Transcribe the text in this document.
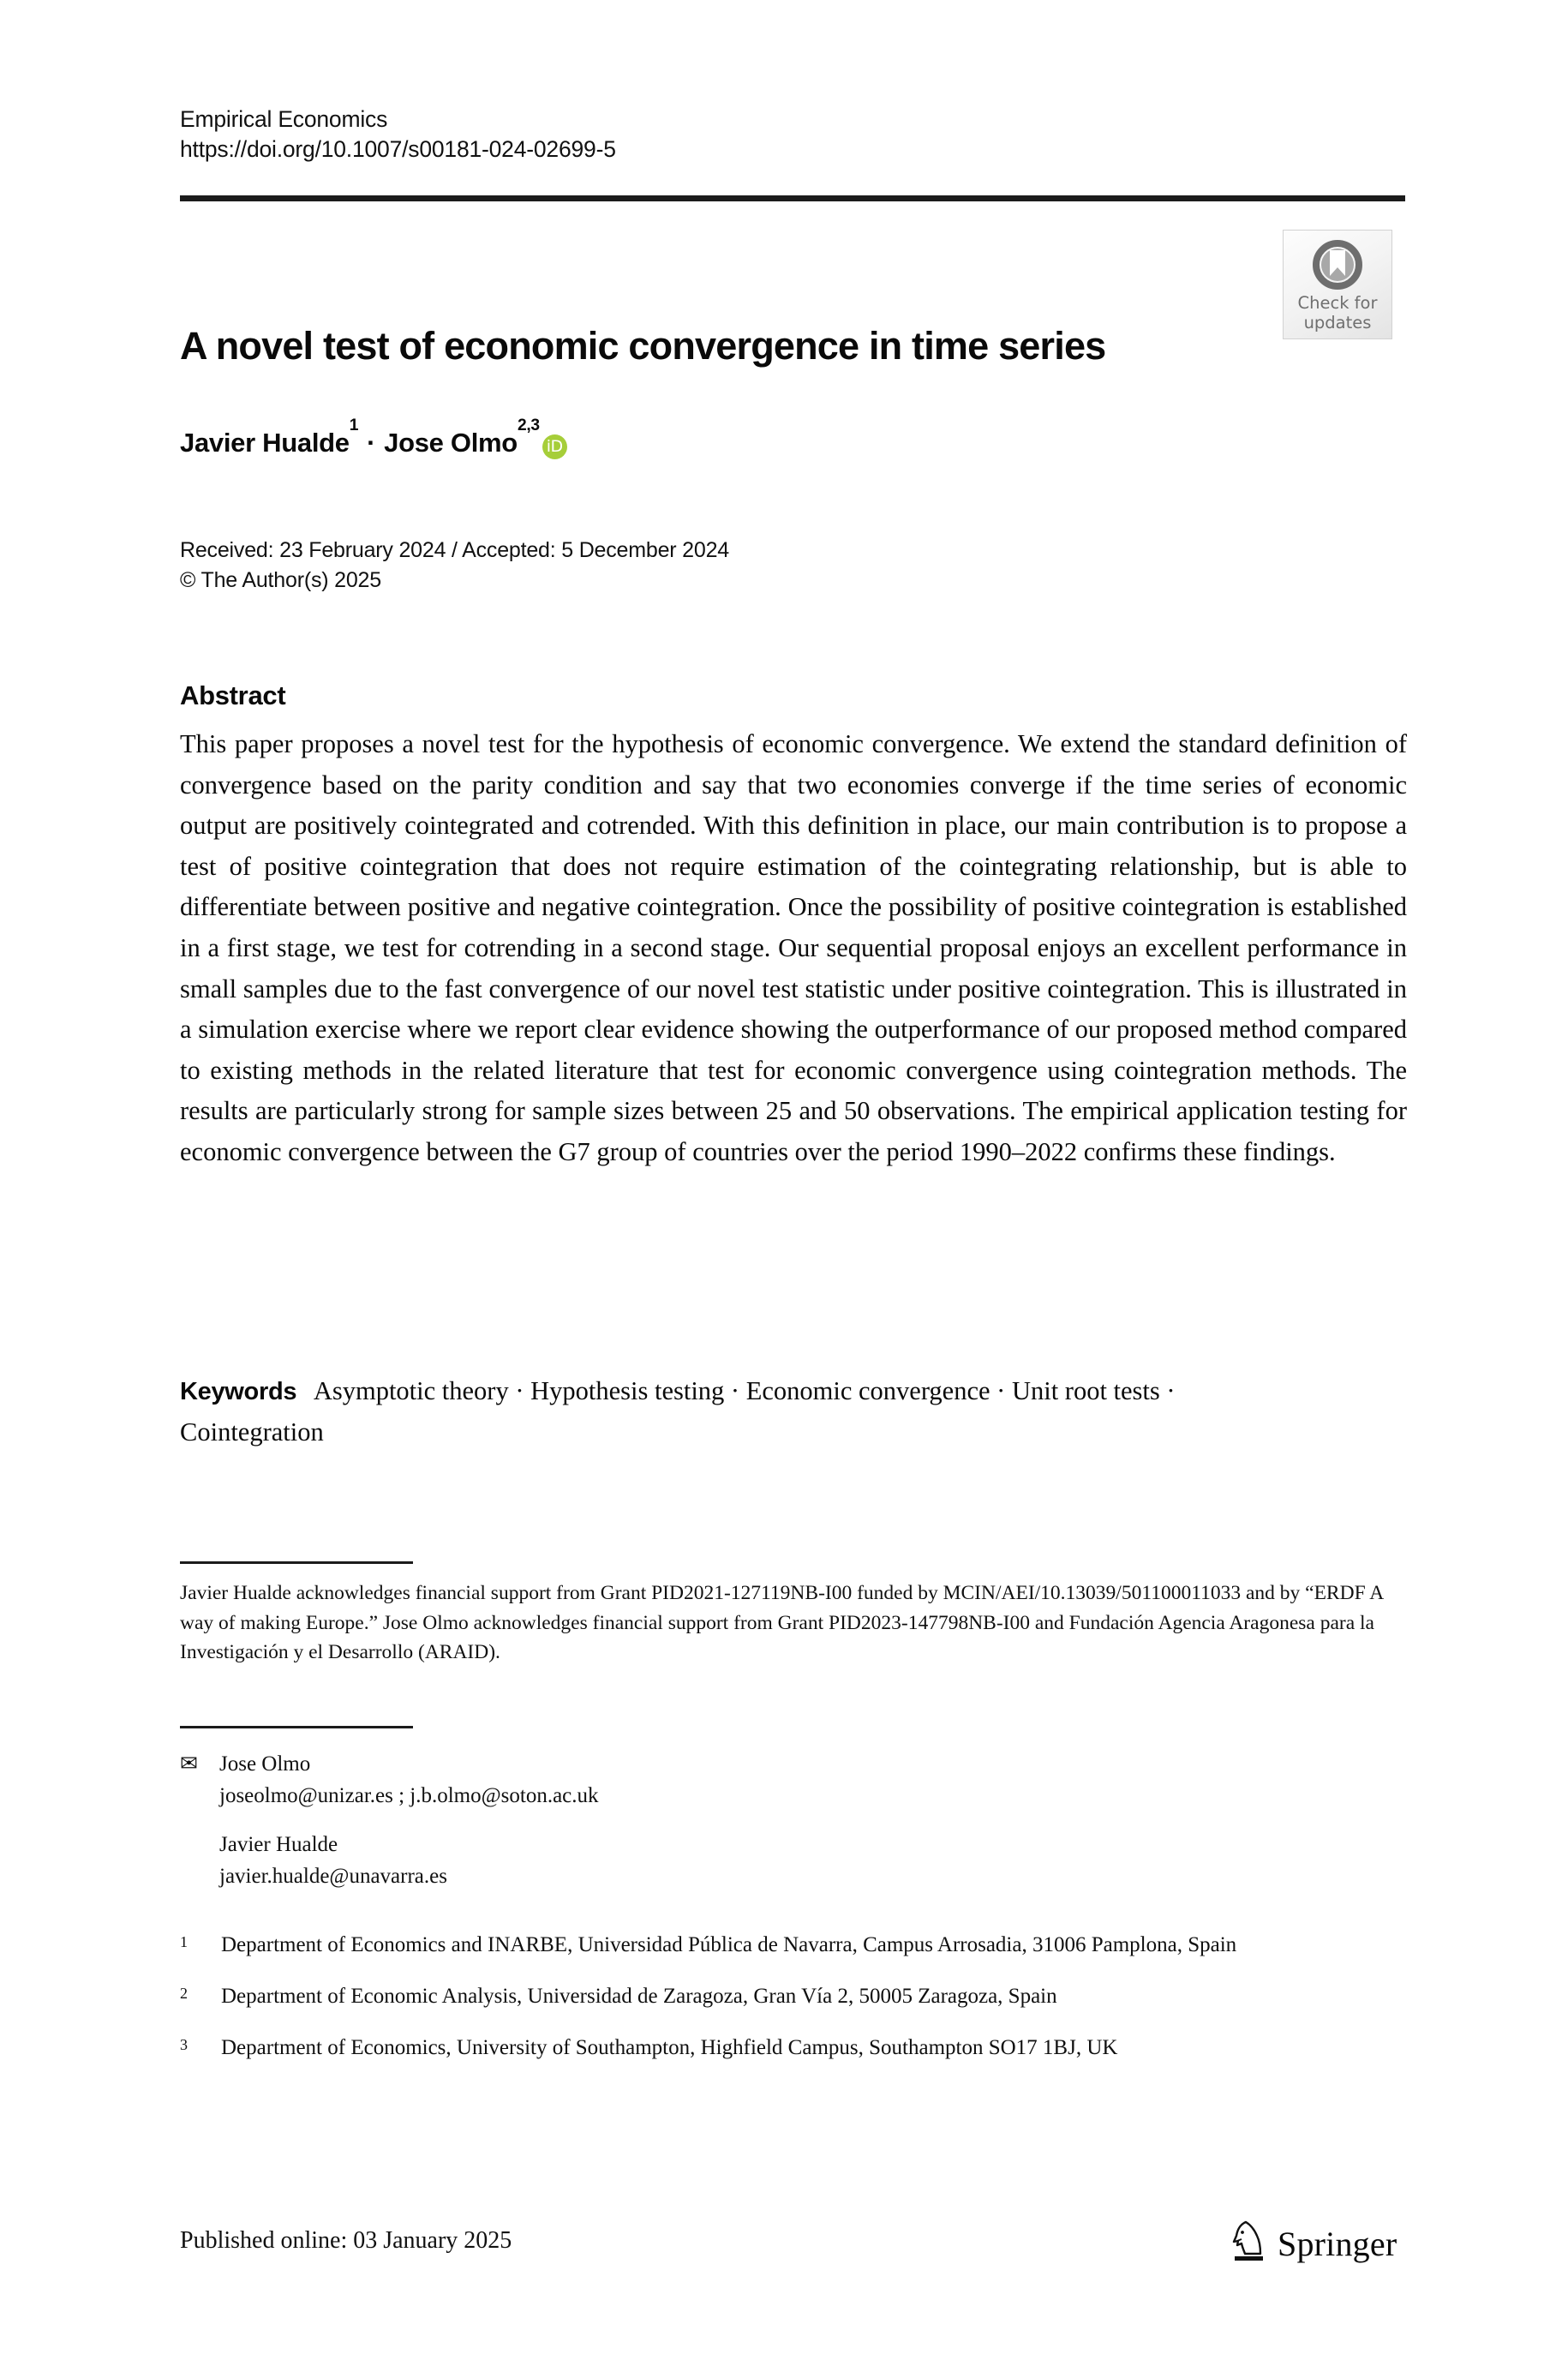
Empirical Economics
https://doi.org/10.1007/s00181-024-02699-5
Check for
updates
A novel test of economic convergence in time series
Javier Hualde
1
· Jose Olmo
2,3
iD
Received: 23 February 2024 / Accepted: 5 December 2024
© The Author(s) 2025
Abstract
This paper proposes a novel test for the hypothesis of economic convergence. We extend the standard definition of convergence based on the parity condition and say that two economies converge if the time series of economic output are positively cointegrated and cotrended. With this definition in place, our main contribution is to propose a test of positive cointegration that does not require estimation of the cointegrating relationship, but is able to differentiate between positive and negative cointegration. Once the possibility of positive cointegration is established in a first stage, we test for cotrending in a second stage. Our sequential proposal enjoys an excellent performance in small samples due to the fast convergence of our novel test statistic under positive cointegration. This is illustrated in a simulation exercise where we report clear evidence showing the outperformance of our proposed method compared to existing methods in the related literature that test for economic convergence using cointegration methods. The results are particularly strong for sample sizes between 25 and 50 observations. The empirical application testing for economic convergence between the G7 group of countries over the period 1990–2022 confirms these findings.
Keywords Asymptotic theory · Hypothesis testing · Economic convergence · Unit root tests · Cointegration
Javier Hualde acknowledges financial support from Grant PID2021-127119NB-I00 funded by MCIN/AEI/10.13039/501100011033 and by “ERDF A way of making Europe.” Jose Olmo acknowledges financial support from Grant PID2023-147798NB-I00 and Fundación Agencia Aragonesa para la Investigación y el Desarrollo (ARAID).
✉	Jose Olmo
joseolmo@unizar.es ; j.b.olmo@soton.ac.uk
Javier Hualde
javier.hualde@unavarra.es
1	Department of Economics and INARBE, Universidad Pública de Navarra, Campus Arrosadia, 31006 Pamplona, Spain
2	Department of Economic Analysis, Universidad de Zaragoza, Gran Vía 2, 50005 Zaragoza, Spain
3	Department of Economics, University of Southampton, Highfield Campus, Southampton SO17 1BJ, UK
Published online: 03 January 2025	Springer
